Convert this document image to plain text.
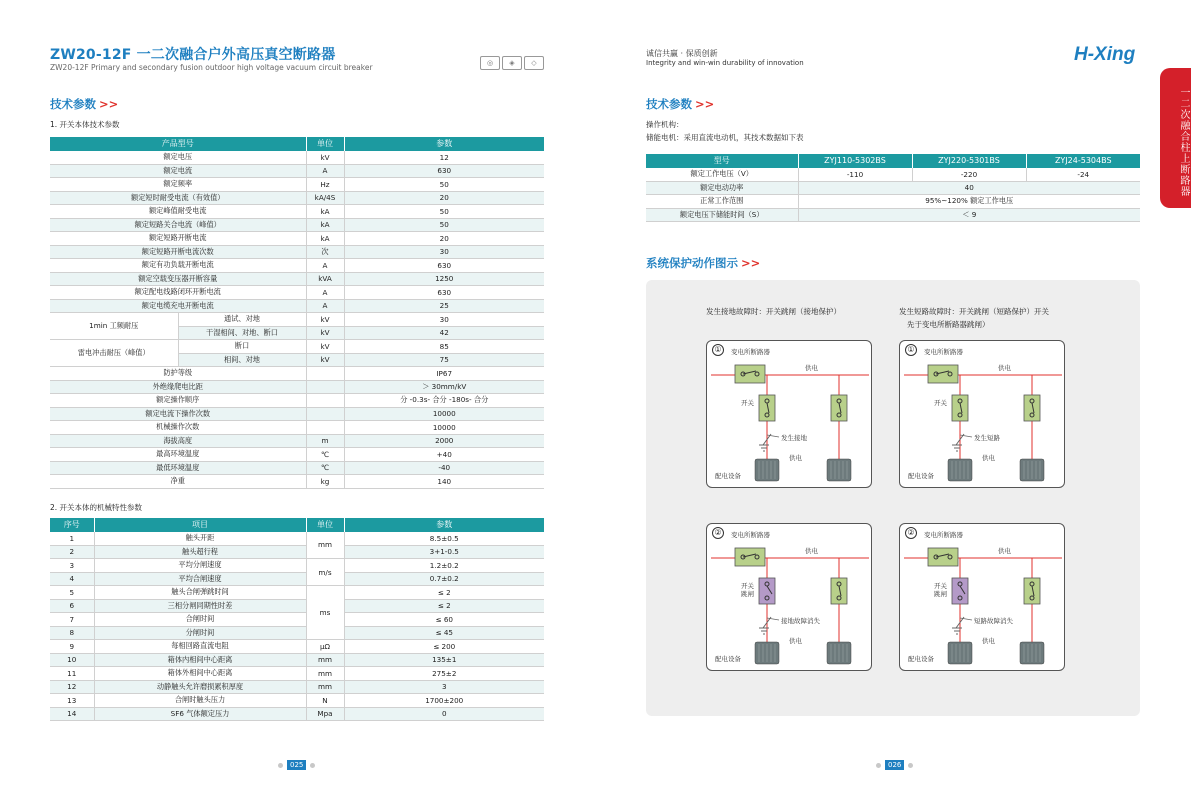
ZW20-12F 一二次融合户外高压真空断路器
ZW20-12F Primary and secondary fusion outdoor high voltage vacuum circuit breaker	◎	◈	◇
技术参数 >>
1. 开关本体技术参数
产品型号		单位	参数
额定电压		kV	12
额定电流		A	630
额定频率		Hz	50
额定短时耐受电流（有效值）		kA/4S	20
额定峰值耐受电流		kA	50
额定短路关合电流（峰值）		kA	50
额定短路开断电流		kA	20
额定短路开断电流次数		次	30
额定有功负载开断电流		A	630
额定空载变压器开断容量		kVA	1250
额定配电线路闭环开断电流		A	630
额定电缆充电开断电流		A	25
1min 工频耐压	通试、对地	kV	30
	干湿相间、对地、断口	kV	42
雷电冲击耐压（峰值）	断口	kV	85
	相间、对地	kV	75
防护等级			IP67
外绝缘爬电比距			＞ 30mm/kV
额定操作顺序			分 -0.3s- 合分 -180s- 合分
额定电流下操作次数			10000
机械操作次数			10000
海拔高度		m	2000
最高环境温度		℃	+40
最低环境温度		℃	-40
净重		kg	140
2. 开关本体的机械特性参数
序号	项目	单位	参数
1	触头开距	mm	8.5±0.5
2	触头超行程		3+1-0.5
3	平均分闸速度	m/s	1.2±0.2
4	平均合闸速度		0.7±0.2
5	触头合闸弹跳时间	ms	≤ 2
6	三相分闸同期性时差		≤ 2
7	合闸时间		≤ 60
8	分闸时间		≤ 45
9	每相回路直流电阻	μΩ	≤ 200
10	箱体内相间中心距离	mm	135±1
11	箱体外相间中心距离	mm	275±2
12	动静触头允许磨损累积厚度	mm	3
13	合闸时触头压力	N	1700±200
14	SF6 气体额定压力	Mpa	0
025
诚信共赢 · 保质创新
Integrity and win-win durability of innovation	H-Xing
一二次融合柱上断路器
技术参数 >>
操作机构：
储能电机：采用直流电动机，其技术数据如下表
型号	ZYJ110-5302BS	ZYJ220-5301BS	ZYJ24-5304BS
额定工作电压（V）	-110	-220	-24
额定电动功率	40		
正常工作范围	95%~120% 额定工作电压		
额定电压下储能时间（S）	＜ 9		
系统保护动作图示 >>
发生接地故障时：开关跳闸（接地保护）	发生短路故障时：开关跳闸（短路保护）开关
先于变电所断路器跳闸）
①	变电所断路器
供电
开关
发生接地
供电
配电设备
①	变电所断路器
供电
开关
发生短路
供电
配电设备
②	变电所断路器
供电
开关跳闸
接地故障消失
供电
配电设备
②	变电所断路器
供电
开关跳闸
短路故障消失
供电
配电设备
026
